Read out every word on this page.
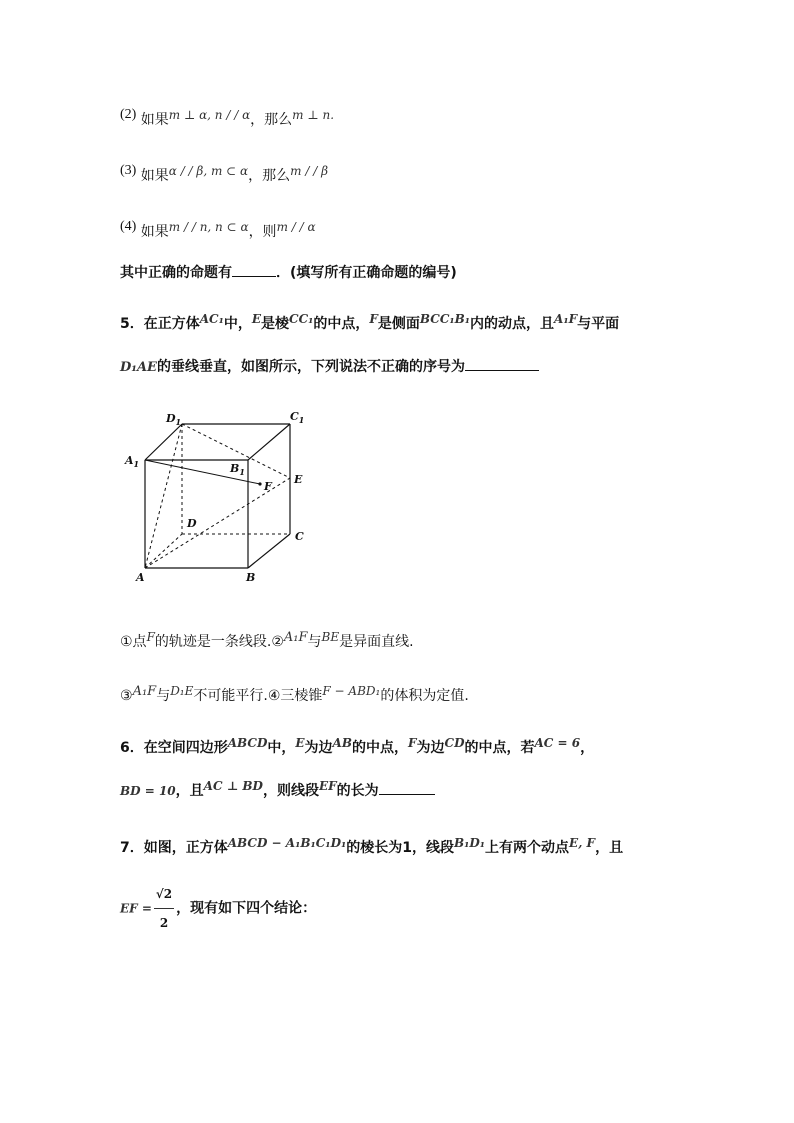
(2) 如果m ⊥ α, n / / α，那么m ⊥ n.
(3) 如果α / / β, m ⊂ α，那么m / / β
(4) 如果m / / n, n ⊂ α，则m / / α
其中正确的命题有	．(填写所有正确命题的编号)
5．在正方体AC₁中，E是棱CC₁的中点，F是侧面BCC₁B₁内的动点，且A₁F与平面
D₁AE的垂线垂直，如图所示，下列说法不正确的序号为
$D_1$	$C_1$
$A_1$	$B_1$
F
E
D
C
A	B
①点F的轨迹是一条线段.②A₁F与BE是异面直线.
③A₁F与D₁E不可能平行.④三棱锥F − ABD₁的体积为定值.
6．在空间四边形ABCD中，E为边AB的中点，F为边CD的中点，若AC = 6，
BD = 10，且AC ⊥ BD，则线段EF的长为
7．如图，正方体ABCD − A₁B₁C₁D₁的棱长为1，线段B₁D₁上有两个动点E, F，且
EF = $\frac{√2}{2}$ ，现有如下四个结论：
